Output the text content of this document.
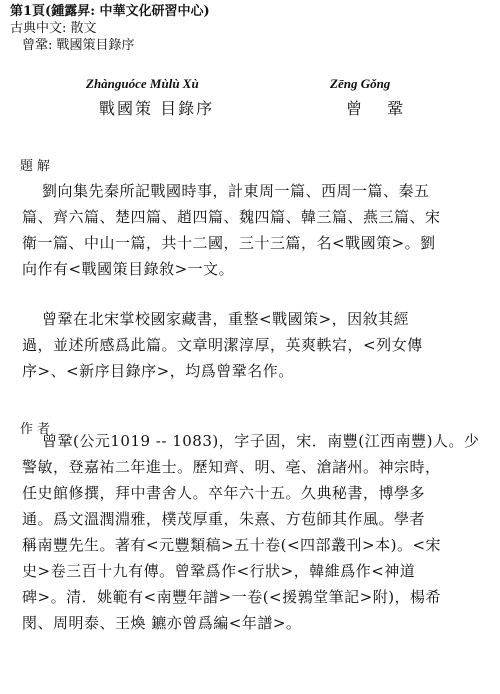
第1頁(鍾露昇: 中華文化研習中心)
古典中文: 散文
曾鞏: 戰國策目錄序
Zhànguóce Mùlù Xù	Zēng Gǒng
戰國策 目錄序	曾 鞏
題解
劉向集先秦所記戰國時事，計東周一篇、西周一篇、秦五
篇、齊六篇、楚四篇、趙四篇、魏四篇、韓三篇、燕三篇、宋
衛一篇、中山一篇，共十二國，三十三篇，名<戰國策>。劉
向作有<戰國策目錄敘>一文。
曾鞏在北宋掌校國家藏書，重整<戰國策>，因敘其經
過，並述所感爲此篇。文章明潔淳厚，英爽軼宕，<列女傳
序>、<新序目錄序>，均爲曾鞏名作。
作者
曾鞏(公元1019 -- 1083)，字子固，宋．南豐(江西南豐)人。少
警敏，登嘉祐二年進士。歷知齊、明、亳、滄諸州。神宗時，
任史館修撰，拜中書舍人。卒年六十五。久典秘書，博學多
通。爲文溫潤淵雅，樸茂厚重，朱熹、方苞師其作風。學者
稱南豐先生。著有<元豐類稿>五十卷(<四部叢刊>本)。<宋
史>卷三百十九有傳。曾鞏爲作<行狀>，韓維爲作<神道
碑>。清．姚範有<南豐年譜>一卷(<援鶉堂筆記>附)，楊希
閔、周明泰、王煥 鑣亦曾爲編<年譜>。
